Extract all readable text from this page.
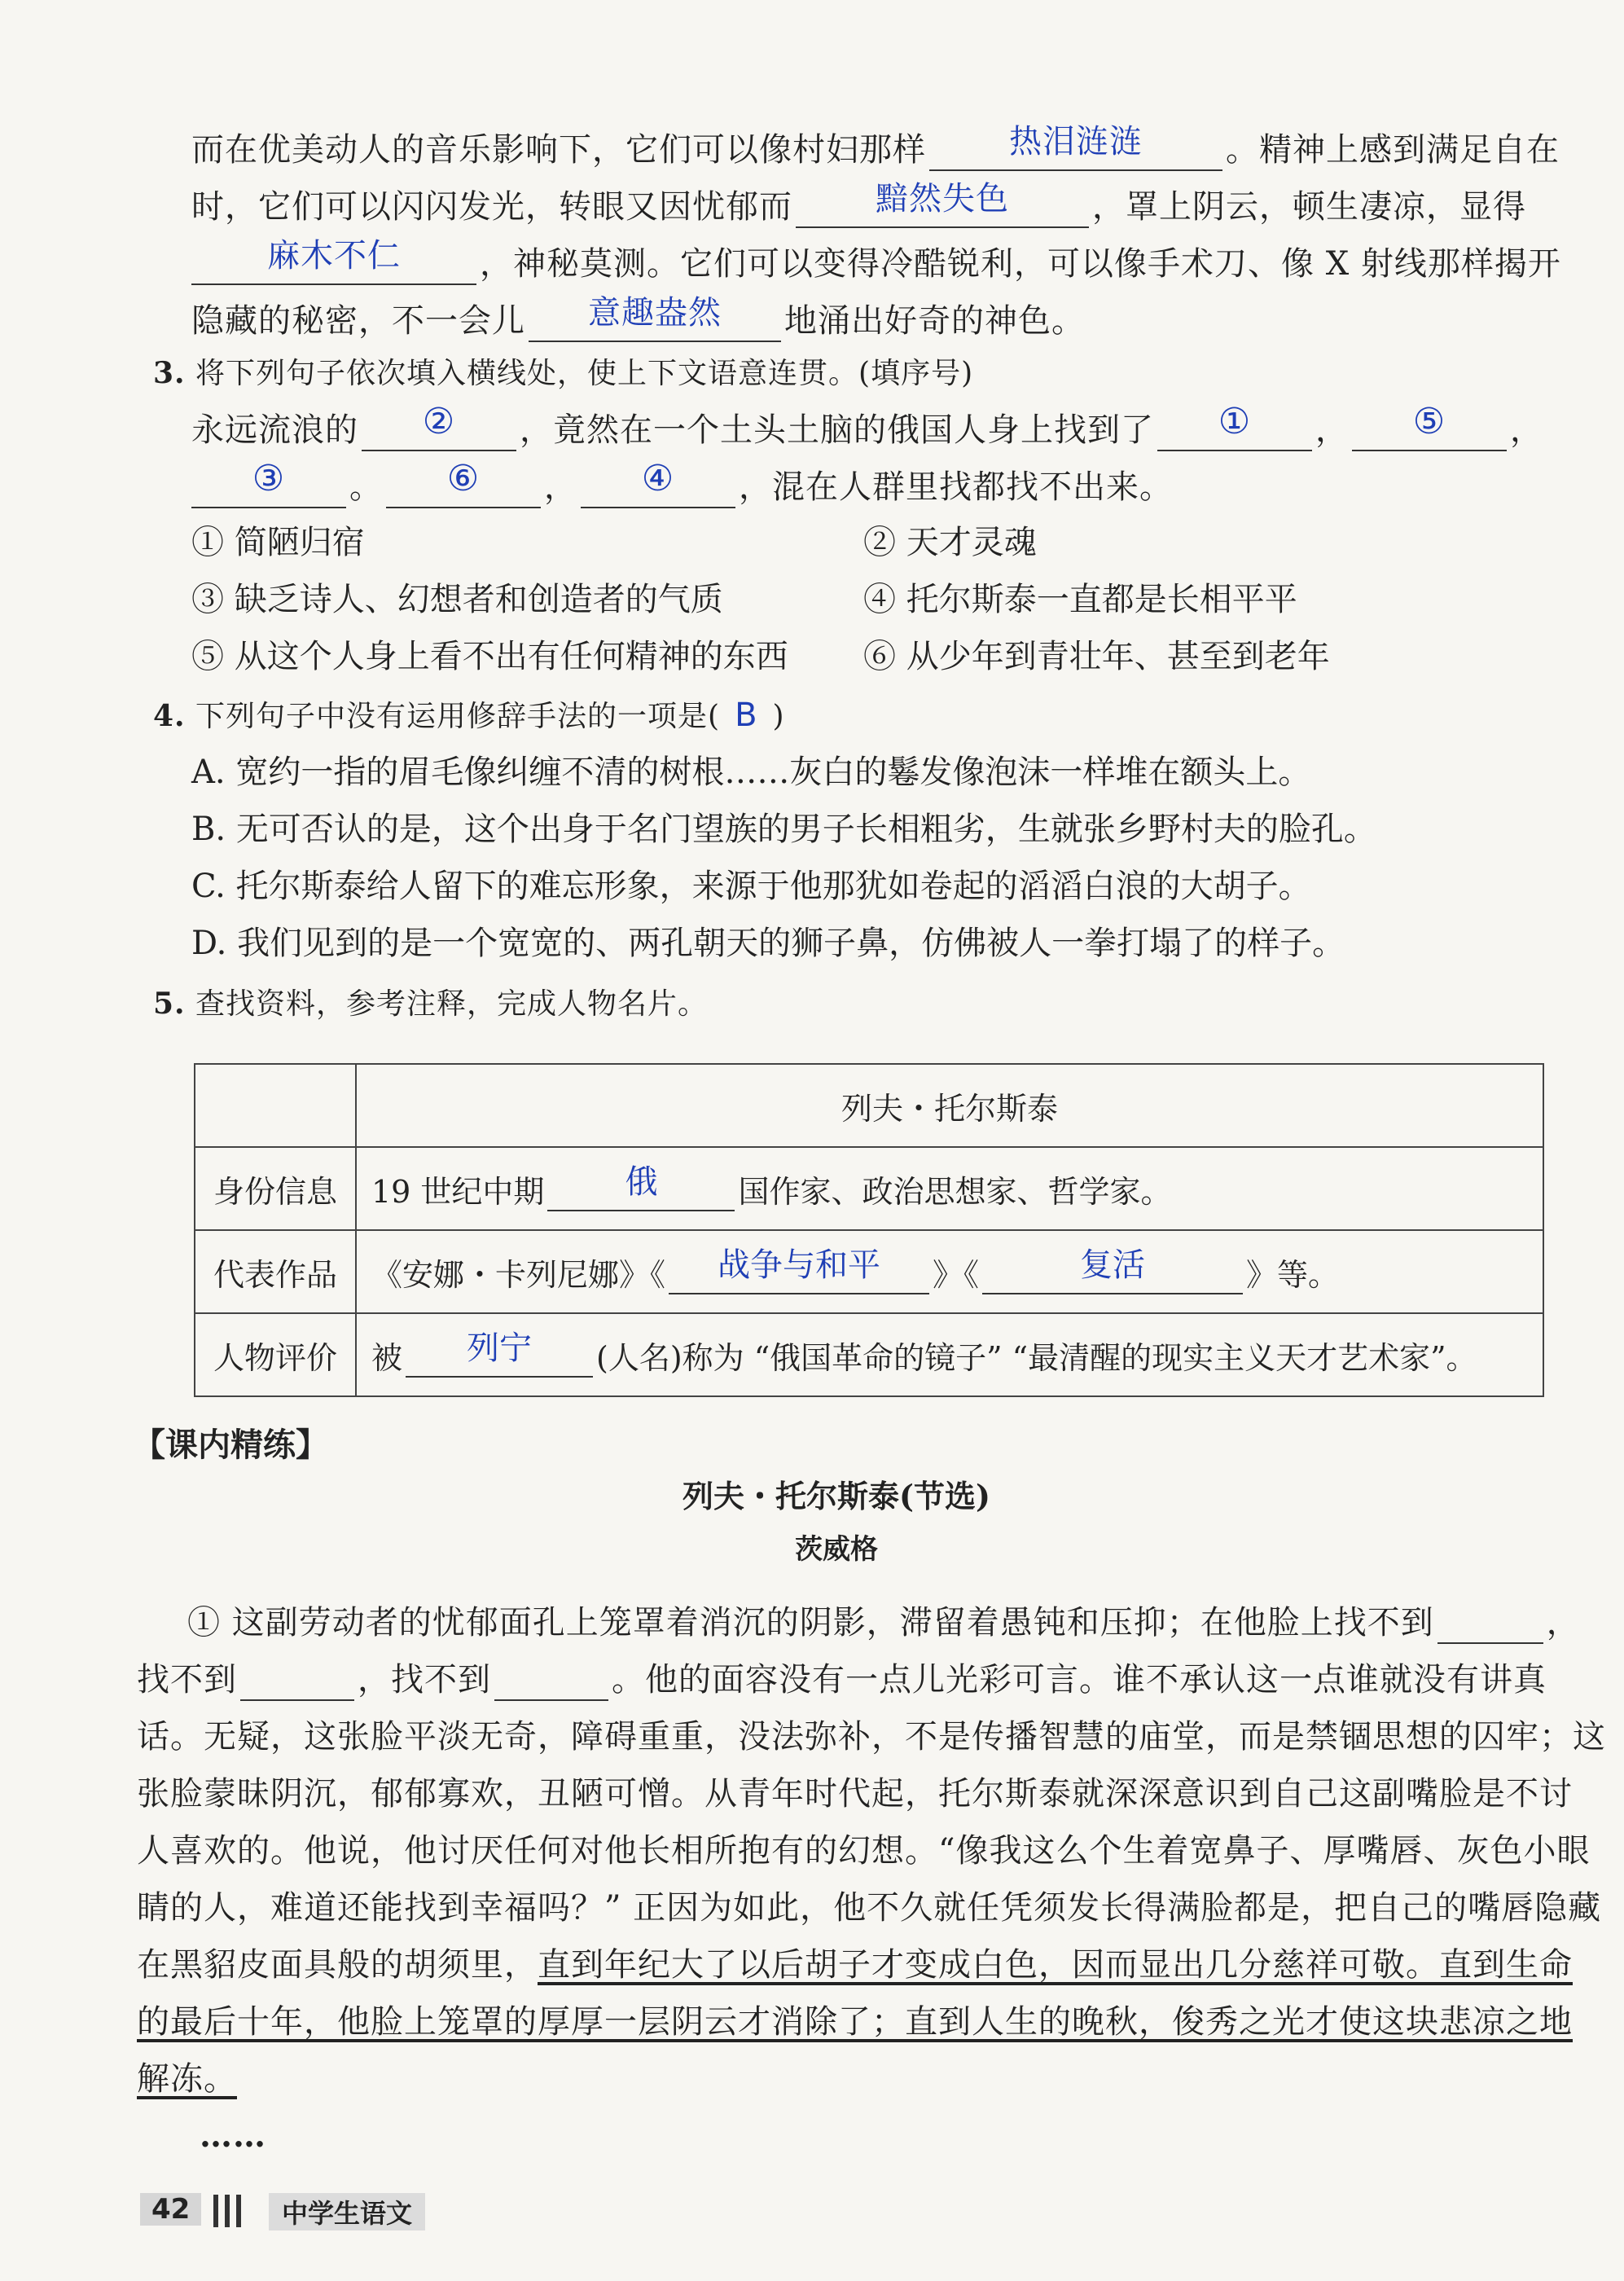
而在优美动人的音乐影响下，它们可以像村妇那样	热泪涟涟	。精神上感到满足自在
时，它们可以闪闪发光，转眼又因忧郁而	黯然失色	，罩上阴云，顿生凄凉，显得
麻木不仁	，神秘莫测。它们可以变得冷酷锐利，可以像手术刀、像 X 射线那样揭开
隐藏的秘密，不一会儿	意趣盎然	地涌出好奇的神色。
3. 将下列句子依次填入横线处，使上下文语意连贯。(填序号)
永远流浪的	②	，竟然在一个土头土脑的俄国人身上找到了	①	，	⑤	，
③	。	⑥	，	④	，混在人群里找都找不出来。
① 简陋归宿	② 天才灵魂
③ 缺乏诗人、幻想者和创造者的气质	④ 托尔斯泰一直都是长相平平
⑤ 从这个人身上看不出有任何精神的东西 ⑥ 从少年到青壮年、甚至到老年
4. 下列句子中没有运用修辞手法的一项是( B )
A. 宽约一指的眉毛像纠缠不清的树根……灰白的鬈发像泡沫一样堆在额头上。
B. 无可否认的是，这个出身于名门望族的男子长相粗劣，生就张乡野村夫的脸孔。
C. 托尔斯泰给人留下的难忘形象，来源于他那犹如卷起的滔滔白浪的大胡子。
D. 我们见到的是一个宽宽的、两孔朝天的狮子鼻，仿佛被人一拳打塌了的样子。
5. 查找资料，参考注释，完成人物名片。
	列夫・托尔斯泰
身份信息	19 世纪中期 俄 国作家、政治思想家、哲学家。
代表作品	《安娜・卡列尼娜》《 战争与和平 》《 复活 》等。
人物评价	被 列宁 (人名)称为 “俄国革命的镜子” “最清醒的现实主义天才艺术家”。
【课内精练】
列夫・托尔斯泰(节选)
茨威格
① 这副劳动者的忧郁面孔上笼罩着消沉的阴影，滞留着愚钝和压抑；在他脸上找不到	，
找不到	，找不到	。他的面容没有一点儿光彩可言。谁不承认这一点谁就没有讲真
话。无疑，这张脸平淡无奇，障碍重重，没法弥补，不是传播智慧的庙堂，而是禁锢思想的囚牢；这
张脸蒙昧阴沉，郁郁寡欢，丑陋可憎。从青年时代起，托尔斯泰就深深意识到自己这副嘴脸是不讨
人喜欢的。他说，他讨厌任何对他长相所抱有的幻想。“像我这么个生着宽鼻子、厚嘴唇、灰色小眼
睛的人，难道还能找到幸福吗？” 正因为如此，他不久就任凭须发长得满脸都是，把自己的嘴唇隐藏
在黑貂皮面具般的胡须里，直到年纪大了以后胡子才变成白色，因而显出几分慈祥可敬。直到生命
的最后十年，他脸上笼罩的厚厚一层阴云才消除了；直到人生的晚秋，俊秀之光才使这块悲凉之地
解冻。
……
42	中学生语文
